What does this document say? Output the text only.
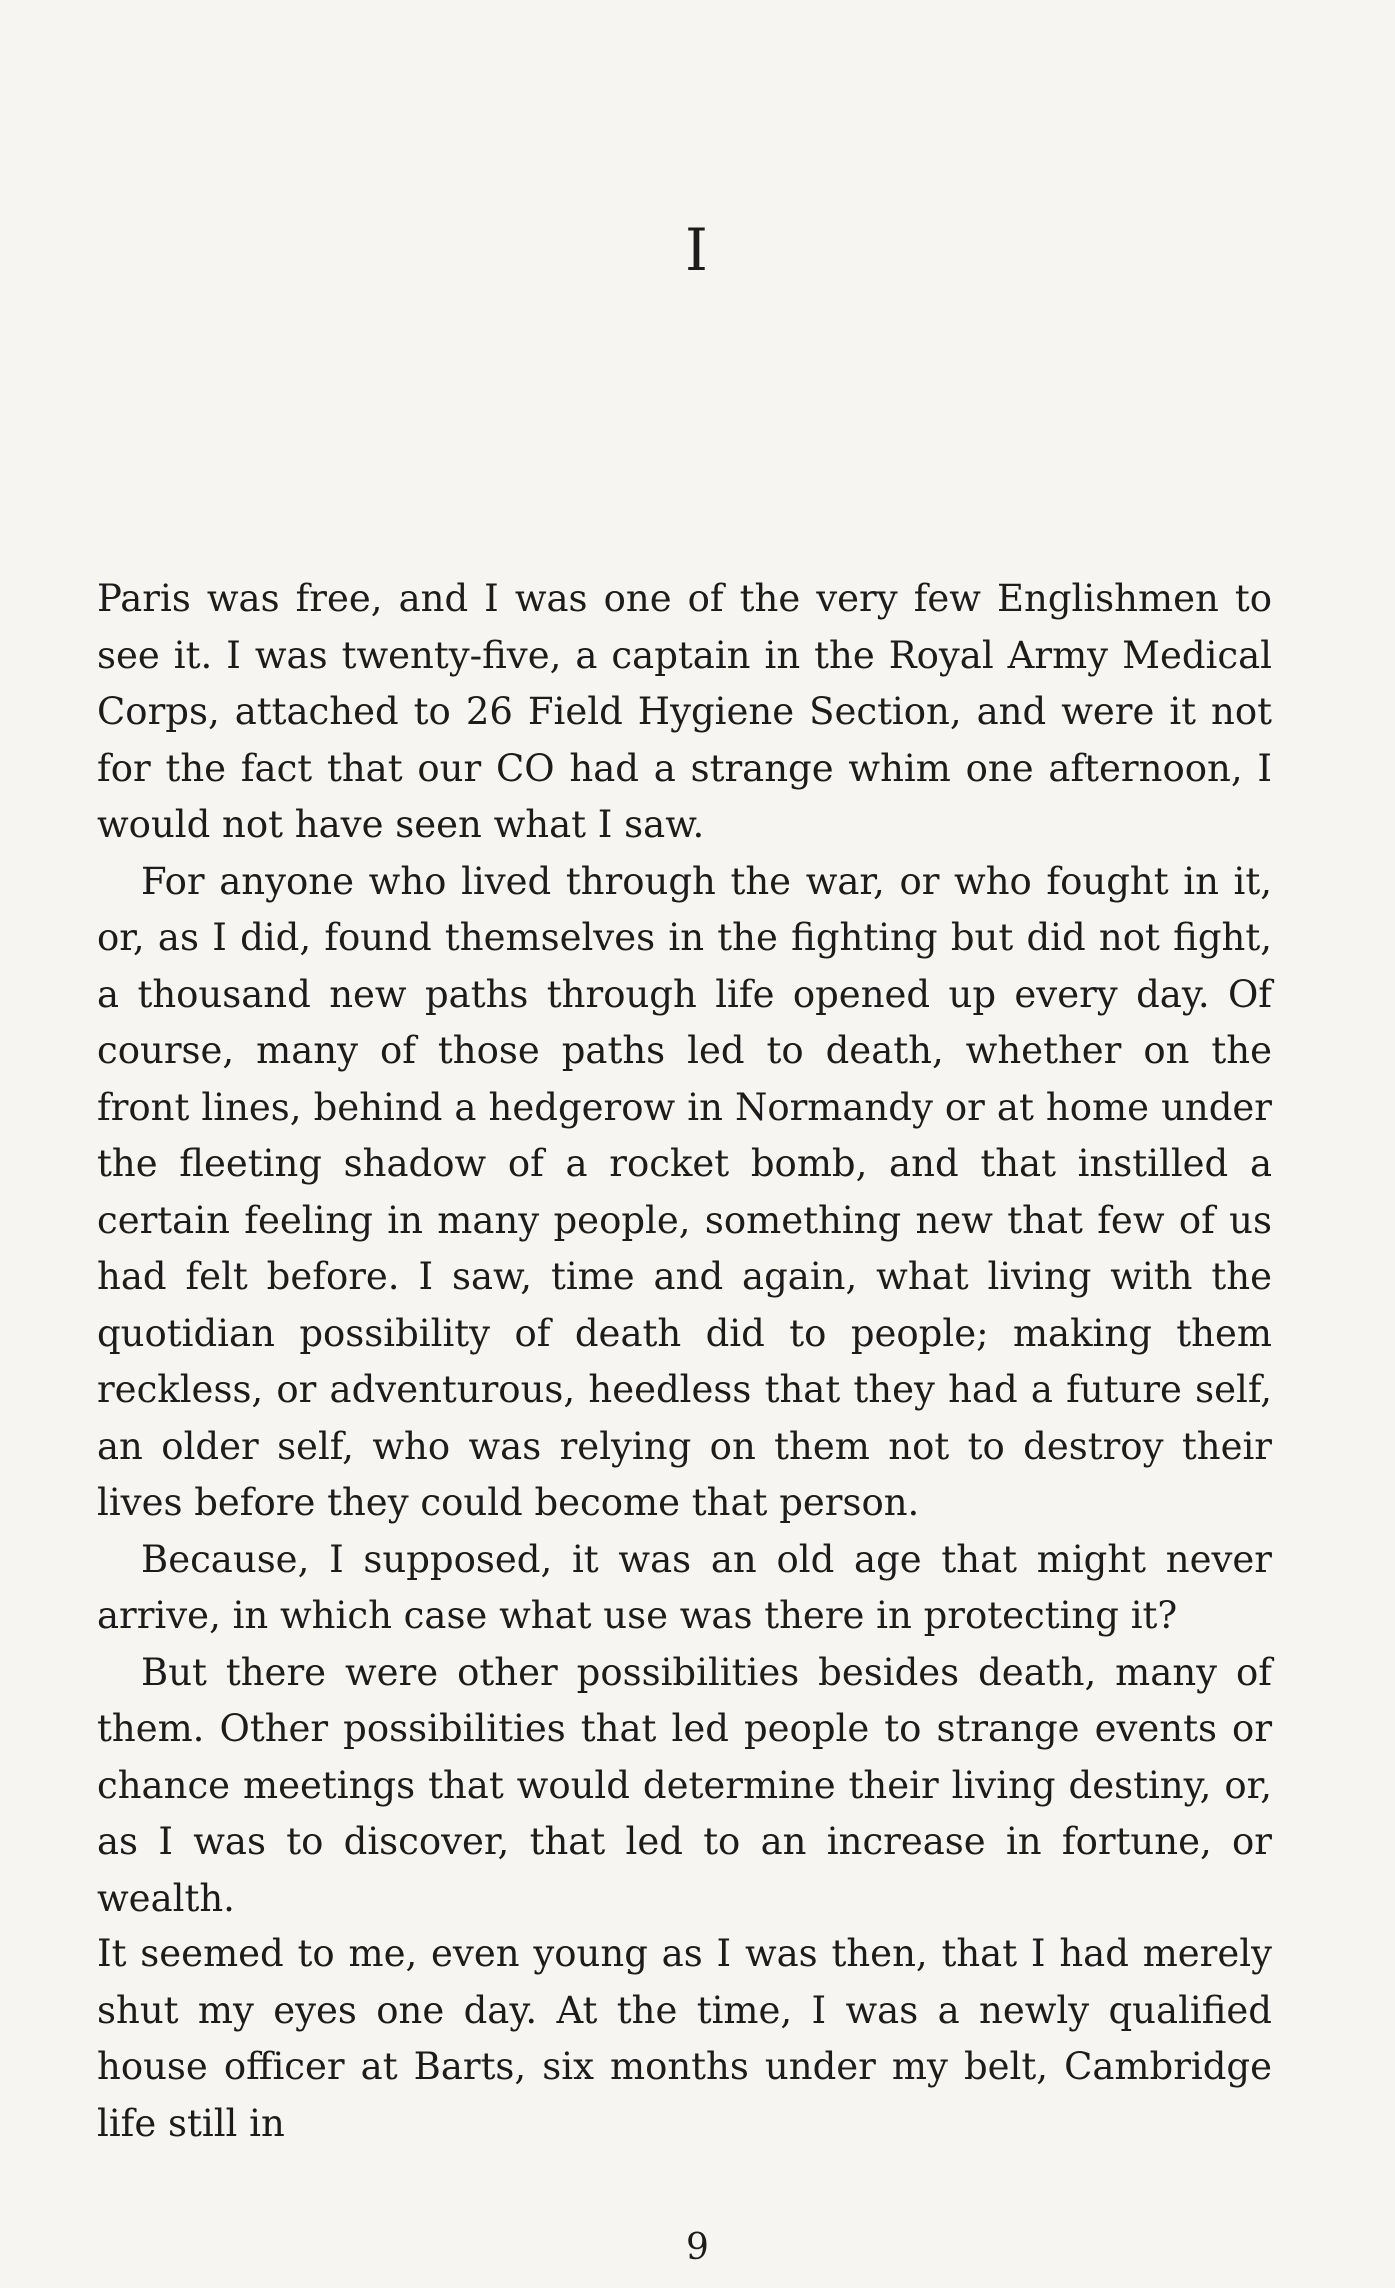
I

Paris was free, and I was one of the very few Englishmen to see it. I was twenty-five, a captain in the Royal Army Medical Corps, attached to 26 Field Hygiene Section, and were it not for the fact that our CO had a strange whim one afternoon, I would not have seen what I saw.

For anyone who lived through the war, or who fought in it, or, as I did, found themselves in the fighting but did not fight, a thousand new paths through life opened up every day. Of course, many of those paths led to death, whether on the front lines, behind a hedgerow in Normandy or at home under the fleeting shadow of a rocket bomb, and that instilled a certain feeling in many people, something new that few of us had felt before. I saw, time and again, what living with the quotidian possibility of death did to people; making them reckless, or adventurous, heedless that they had a future self, an older self, who was relying on them not to destroy their lives before they could become that person.

Because, I supposed, it was an old age that might never arrive, in which case what use was there in protecting it?

But there were other possibilities besides death, many of them. Other possibilities that led people to strange events or chance meetings that would determine their living destiny, or, as I was to discover, that led to an increase in fortune, or wealth.

It seemed to me, even young as I was then, that I had merely shut my eyes one day. At the time, I was a newly qualified house officer at Barts, six months under my belt, Cambridge life still in

9
